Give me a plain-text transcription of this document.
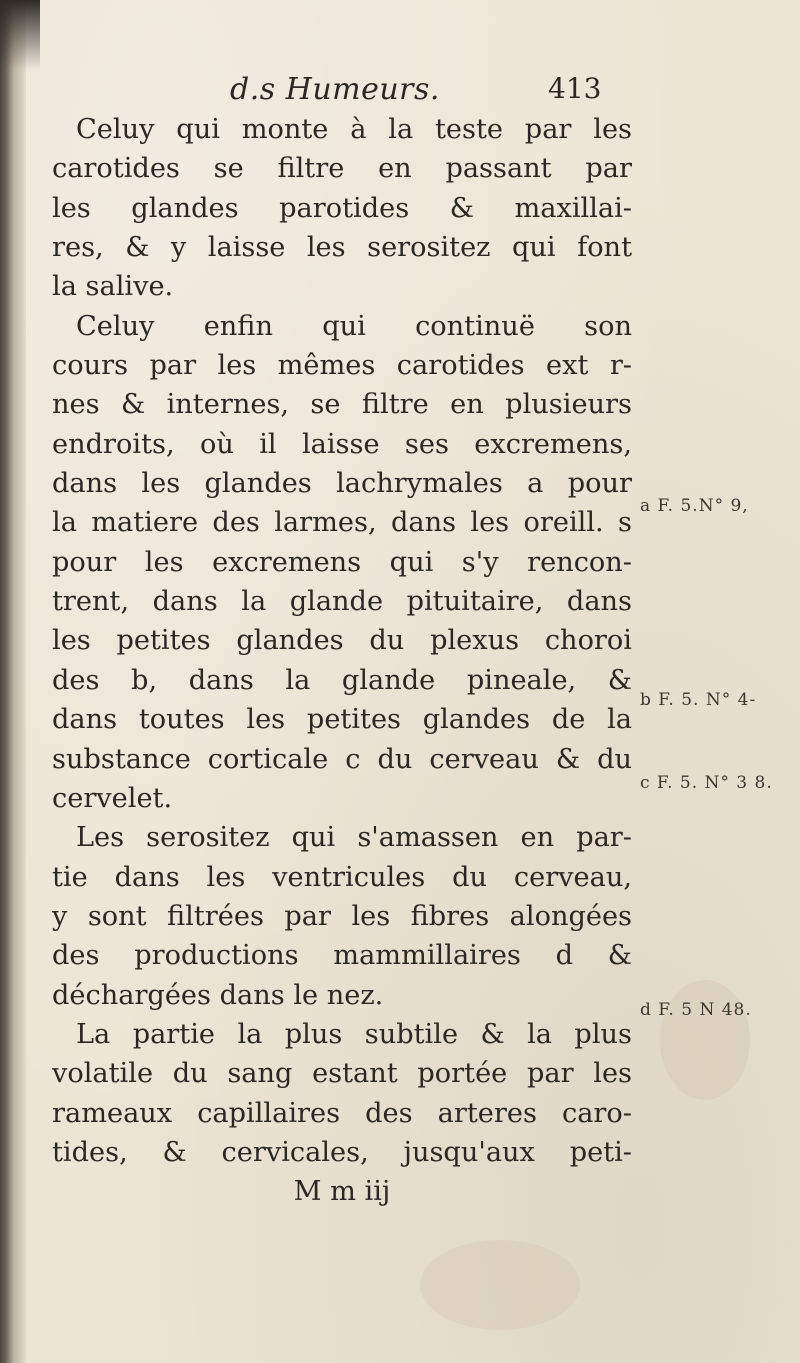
d.s Humeurs.	413
Celuy qui monte à la teste par les
carotides se filtre en passant par
les glandes parotides & maxillai-
res, & y laisse les serositez qui font
la salive.
Celuy enfin qui continuë son
cours par les mêmes carotides ext r-
nes & internes, se filtre en plusieurs
endroits, où il laisse ses excremens,
dans les glandes lachrymales a pour
la matiere des larmes, dans les oreill. s
pour les excremens qui s'y rencon-
trent, dans la glande pituitaire, dans
les petites glandes du plexus choroi
des b, dans la glande pineale, &
dans toutes les petites glandes de la
substance corticale c du cerveau & du
cervelet.
Les serositez qui s'amassen en par-
tie dans les ventricules du cerveau,
y sont filtrées par les fibres alongées
des productions mammillaires d &
déchargées dans le nez.
La partie la plus subtile & la plus
volatile du sang estant portée par les
rameaux capillaires des arteres caro-
tides, & cervicales, jusqu'aux peti-
M m iij
a F. 5.N° 9,
b F. 5. N° 4-
c F. 5. N° 3 8.
d F. 5 N 48.
